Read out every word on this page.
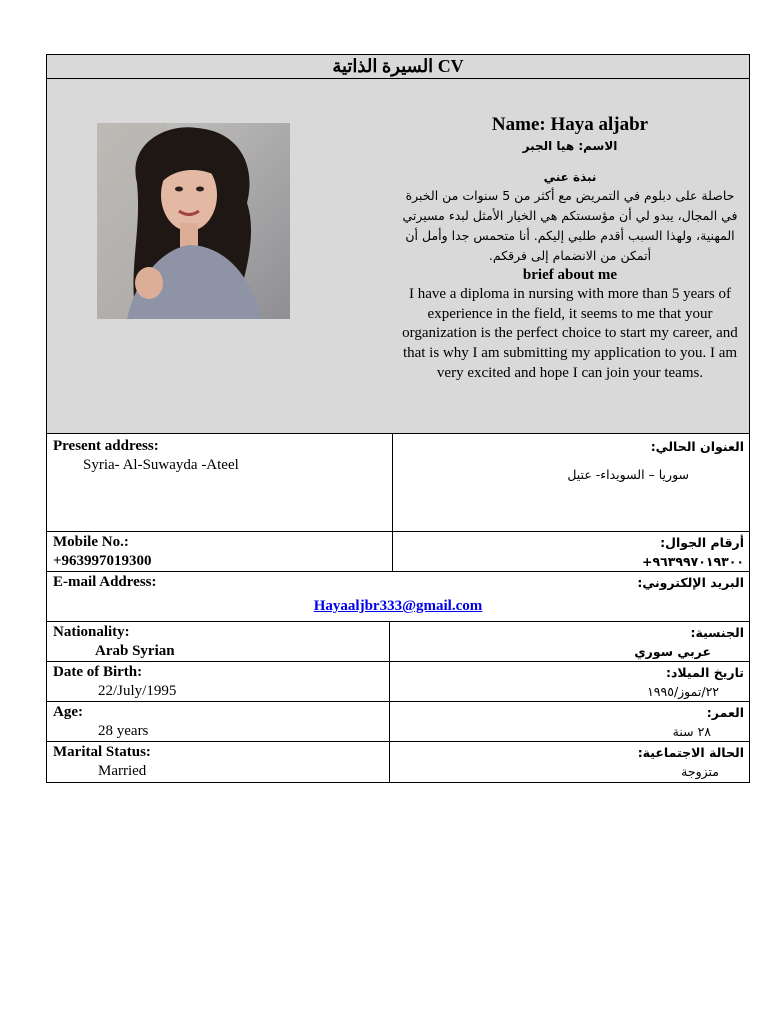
السيرة الذاتية CV
Name: Haya aljabr
الاسم: هيا الجبر
نبذة عني
حاصلة على دبلوم في التمريض مع أكثر من 5 سنوات من الخبرة في المجال، يبدو لي أن مؤسستكم هي الخيار الأمثل لبدء مسيرتي المهنية، ولهذا السبب أقدم طلبي إليكم. أنا متحمس جدا وأمل أن أتمكن من الانضمام إلى فرقكم.
brief about me
I have a diploma in nursing with more than 5 years of experience in the field, it seems to me that your organization is the perfect choice to start my career, and that is why I am submitting my application to you. I am very excited and hope I can join your teams.
Present address:
Syria- Al-Suwayda -Ateel
العنوان الحالي:
سوريا – السويداء- عتيل
Mobile No.:
+963997019300
أرقام الجوال:
+٩٦٣٩٩٧٠١٩٣٠٠
E-mail Address:	البريد الإلكتروني:
Hayaaljbr333@gmail.com
Nationality:
Arab Syrian
الجنسية:
عربي سوري
Date of Birth:
22/July/1995
تاريخ الميلاد:
٢٢/تموز/١٩٩٥
Age:
28 years
العمر:
٢٨ سنة
Marital Status:
Married
الحالة الاجتماعية:
متزوجة
